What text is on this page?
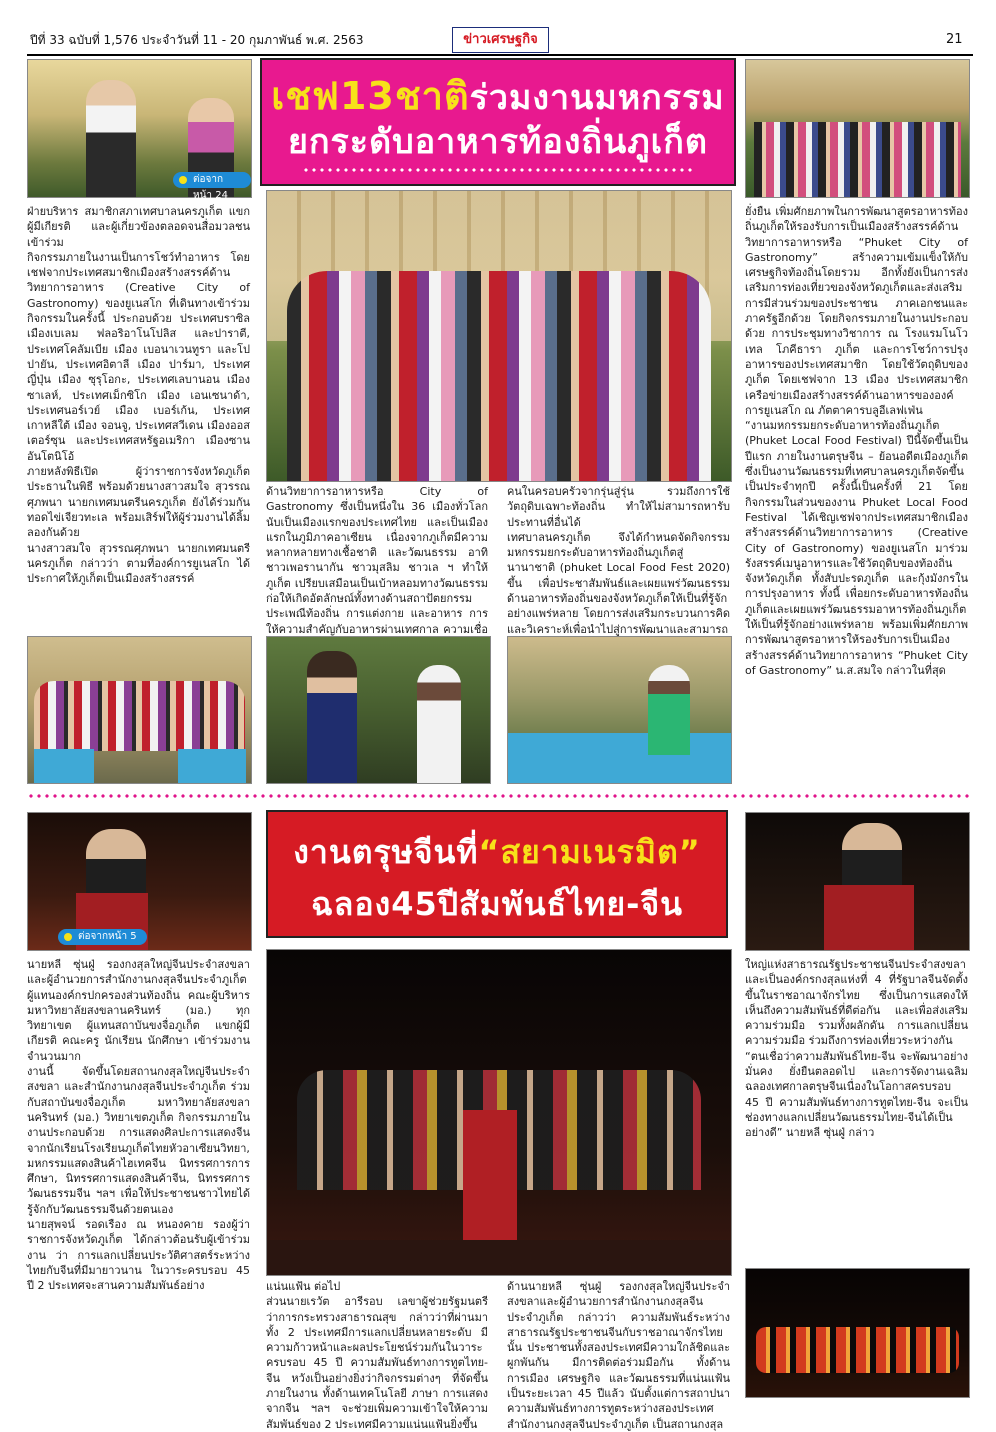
ปีที่ 33 ฉบับที่ 1,576 ประจำวันที่ 11 - 20 กุมภาพันธ์ พ.ศ. 2563	ข่าวเศรษฐกิจ	21
เชฟ13ชาติร่วมงานมหกรรม
ยกระดับอาหารท้องถิ่นภูเก็ต
ต่อจากหน้า 24
ฝ่ายบริหาร สมาชิกสภาเทศบาลนครภูเก็ต แขกผู้มีเกียรติ และผู้เกี่ยวข้องตลอดจนสื่อมวลชน เข้าร่วม
กิจกรรมภายในงานเป็นการโชว์ทำอาหาร โดยเชฟจากประเทศสมาชิกเมืองสร้างสรรค์ด้านวิทยาการอาหาร (Creative City of Gastronomy) ของยูเนสโก ที่เดินทางเข้าร่วมกิจกรรมในครั้งนี้ ประกอบด้วย ประเทศบราซิล เมืองเบเลม ฟลอริอาโนโปลิส และปาราตี, ประเทศโคลัมเบีย เมือง เบอนาเวนทูรา และโปปายัน, ประเทศอิตาลี เมือง ปาร์มา, ประเทศญี่ปุ่น เมือง ซุรุโอกะ, ประเทศเลบานอน เมือง ซาเลห์, ประเทศเม็กซิโก เมือง เอนเซนาด้า, ประเทศนอร์เวย์ เมือง เบอร์เก้น, ประเทศเกาหลีใต้ เมือง จอนจู, ประเทศสวีเดน เมืองออสเตอร์ซุน และประเทศสหรัฐอเมริกา เมืองซาน อันโตนิโอ้
ภายหลังพิธีเปิด ผู้ว่าราชการจังหวัดภูเก็ต ประธานในพิธี พร้อมด้วยนางสาวสมใจ สุวรรณศุภพนา นายกเทศมนตรีนครภูเก็ต ยังได้ร่วมกันทอดไข่เจียวทะเล พร้อมเสิร์ฟให้ผู้ร่วมงานได้ลิ้มลองกันด้วย
นางสาวสมใจ สุวรรณศุภพนา นายกเทศมนตรีนครภูเก็ต กล่าวว่า ตามที่องค์การยูเนสโก ได้ประกาศให้ภูเก็ตเป็นเมืองสร้างสรรค์
ด้านวิทยาการอาหารหรือ City of Gastronomy ซึ่งเป็นหนึ่งใน 36 เมืองทั่วโลกนับเป็นเมืองแรกของประเทศไทย และเป็นเมืองแรกในภูมิภาคอาเซียน เนื่องจากภูเก็ตมีความหลากหลายทางเชื้อชาติ และวัฒนธรรม อาทิ ชาวเพอรานากัน ชาวมุสลิม ชาวเล ฯ ทำให้ภูเก็ต เปรียบเสมือนเป็นเบ้าหลอมทางวัฒนธรรม ก่อให้เกิดอัตลักษณ์ทั้งทางด้านสถาปัตยกรรม ประเพณีท้องถิ่น การแต่งกาย และอาหาร การให้ความสำคัญกับอาหารผ่านเทศกาล ความเชื่อ
คนในครอบครัวจากรุ่นสู่รุ่น รวมถึงการใช้วัตถุดิบเฉพาะท้องถิ่น ทำให้ไม่สามารถหารับประทานที่อื่นได้
เทศบาลนครภูเก็ต จึงได้กำหนดจัดกิจกรรม มหกรรมยกระดับอาหารท้องถิ่นภูเก็ตสู่นานาชาติ (phuket Local Food Fest 2020) ขึ้น เพื่อประชาสัมพันธ์และเผยแพร่วัฒนธรรมด้านอาหารท้องถิ่นของจังหวัดภูเก็ตให้เป็นที่รู้จักอย่างแพร่หลาย โดยการส่งเสริมกระบวนการคิดและวิเคราะห์เพื่อนำไปสู่การพัฒนาและสามารถ
ยั่งยืน เพิ่มศักยภาพในการพัฒนาสูตรอาหารท้องถิ่นภูเก็ตให้รองรับการเป็นเมืองสร้างสรรค์ด้านวิทยาการอาหารหรือ “Phuket City of Gastronomy” สร้างความเข้มแข็งให้กับเศรษฐกิจท้องถิ่นโดยรวม อีกทั้งยังเป็นการส่งเสริมการท่องเที่ยวของจังหวัดภูเก็ตและส่งเสริมการมีส่วนร่วมของประชาชน ภาคเอกชนและภาครัฐอีกด้วย โดยกิจกรรมภายในงานประกอบด้วย การประชุมทางวิชาการ ณ โรงแรมโนโวเทล โภคีธารา ภูเก็ต และการโชว์การปรุงอาหารของประเทศสมาชิก โดยใช้วัตถุดิบของภูเก็ต โดยเชฟจาก 13 เมือง ประเทศสมาชิกเครือข่ายเมืองสร้างสรรค์ด้านอาหารขององค์การยูเนสโก ณ ภัตตาคารบลูอีเลฟเฟ่น
“งานมหกรรมยกระดับอาหารท้องถิ่นภูเก็ต (Phuket Local Food Festival) ปีนี้จัดขึ้นเป็นปีแรก ภายในงานตรุษจีน – ย้อนอดีตเมืองภูเก็ต ซึ่งเป็นงานวัฒนธรรมที่เทศบาลนครภูเก็ตจัดขึ้นเป็นประจำทุกปี ครั้งนี้เป็นครั้งที่ 21 โดยกิจกรรมในส่วนของงาน Phuket Local Food Festival ได้เชิญเชฟจากประเทศสมาชิกเมืองสร้างสรรค์ด้านวิทยาการอาหาร (Creative City of Gastronomy) ของยูเนสโก มาร่วมรังสรรค์เมนูอาหารและใช้วัตถุดิบของท้องถิ่นจังหวัดภูเก็ต ทั้งสับปะรดภูเก็ต และกุ้งมังกรในการปรุงอาหาร ทั้งนี้ เพื่อยกระดับอาหารท้องถิ่นภูเก็ตและเผยแพร่วัฒนธรรมอาหารท้องถิ่นภูเก็ต ให้เป็นที่รู้จักอย่างแพร่หลาย พร้อมเพิ่มศักยภาพการพัฒนาสูตรอาหารให้รองรับการเป็นเมืองสร้างสรรค์ด้านวิทยาการอาหาร “Phuket City of Gastronomy” น.ส.สมใจ กล่าวในที่สุด
งานตรุษจีนที่“สยามเนรมิต”
ฉลอง45ปีสัมพันธ์ไทย-จีน
ต่อจากหน้า 5
นายหลี ซุ่นฝู่ รองกงสุลใหญ่จีนประจำสงขลา และผู้อำนวยการสำนักงานกงสุลจีนประจำภูเก็ต ผู้แทนองค์กรปกครองส่วนท้องถิ่น คณะผู้บริหารมหาวิทยาลัยสงขลานครินทร์ (มอ.) ทุกวิทยาเขต ผู้แทนสถาบันขงจื่อภูเก็ต แขกผู้มีเกียรติ คณะครู นักเรียน นักศึกษา เข้าร่วมงานจำนวนมาก
งานนี้ จัดขึ้นโดยสถานกงสุลใหญ่จีนประจำสงขลา และสำนักงานกงสุลจีนประจำภูเก็ต ร่วมกับสถาบันขงจื่อภูเก็ต มหาวิทยาลัยสงขลานครินทร์ (มอ.) วิทยาเขตภูเก็ต กิจกรรมภายในงานประกอบด้วย การแสดงศิลปะการแสดงจีน จากนักเรียนโรงเรียนภูเก็ตไทยหัวอาเซียนวิทยา, มหกรรมแสดงสินค้าไฮเทคจีน นิทรรศการการศึกษา, นิทรรศการแสดงสินค้าจีน, นิทรรศการวัฒนธรรมจีน ฯลฯ เพื่อให้ประชาชนชาวไทยได้รู้จักกับวัฒนธรรมจีนด้วยตนเอง
นายสุพจน์ รอดเรือง ณ หนองคาย รองผู้ว่าราชการจังหวัดภูเก็ต ได้กล่าวต้อนรับผู้เข้าร่วมงาน ว่า การแลกเปลี่ยนประวัติศาสตร์ระหว่างไทยกับจีนที่มีมายาวนาน ในวาระครบรอบ 45 ปี 2 ประเทศจะสานความสัมพันธ์อย่าง	แน่นแฟ้น ต่อไป
ส่วนนายเรวัต อารีรอบ เลขาผู้ช่วยรัฐมนตรีว่าการกระทรวงสาธารณสุข กล่าวว่าที่ผ่านมาทั้ง 2 ประเทศมีการแลกเปลี่ยนหลายระดับ มีความก้าวหน้าและผลประโยชน์ร่วมกันในวาระครบรอบ 45 ปี ความสัมพันธ์ทางการทูตไทย-จีน หวังเป็นอย่างยิ่งว่ากิจกรรมต่างๆ ที่จัดขึ้นภายในงาน ทั้งด้านเทคโนโลยี ภาษา การแสดงจากจีน ฯลฯ จะช่วยเพิ่มความเข้าใจให้ความสัมพันธ์ของ 2 ประเทศมีความแน่นแฟ้นยิ่งขึ้น
ด้านนายหลี ซุ่นฝู่ รองกงสุลใหญ่จีนประจำสงขลาและผู้อำนวยการสำนักงานกงสุลจีนประจำภูเก็ต กล่าวว่า ความสัมพันธ์ระหว่างสาธารณรัฐประชาชนจีนกับราชอาณาจักรไทยนั้น ประชาชนทั้งสองประเทศมีความใกล้ชิดและผูกพันกัน มีการติดต่อร่วมมือกัน ทั้งด้านการเมือง เศรษฐกิจ และวัฒนธรรมที่แน่นแฟ้นเป็นระยะเวลา 45 ปีแล้ว นับตั้งแต่การสถาปนาความสัมพันธ์ทางการทูตระหว่างสองประเทศ สำนักงานกงสุลจีนประจำภูเก็ต เป็นสถานกงสุล
ใหญ่แห่งสาธารณรัฐประชาชนจีนประจำสงขลา และเป็นองค์กรกงสุลแห่งที่ 4 ที่รัฐบาลจีนจัดตั้งขึ้นในราชอาณาจักรไทย ซึ่งเป็นการแสดงให้เห็นถึงความสัมพันธ์ที่ดีต่อกัน และเพื่อส่งเสริมความร่วมมือ รวมทั้งผลักดัน การแลกเปลี่ยน ความร่วมมือ ร่วมถึงการท่องเที่ยวระหว่างกัน
“ตนเชื่อว่าความสัมพันธ์ไทย-จีน จะพัฒนาอย่างมั่นคง ยั่งยืนตลอดไป และการจัดงานเฉลิมฉลองเทศกาลตรุษจีนเนื่องในโอกาสครบรอบ 45 ปี ความสัมพันธ์ทางการทูตไทย-จีน จะเป็นช่องทางแลกเปลี่ยนวัฒนธรรมไทย-จีนได้เป็นอย่างดี” นายหลี ซุ่นฝู่ กล่าว
